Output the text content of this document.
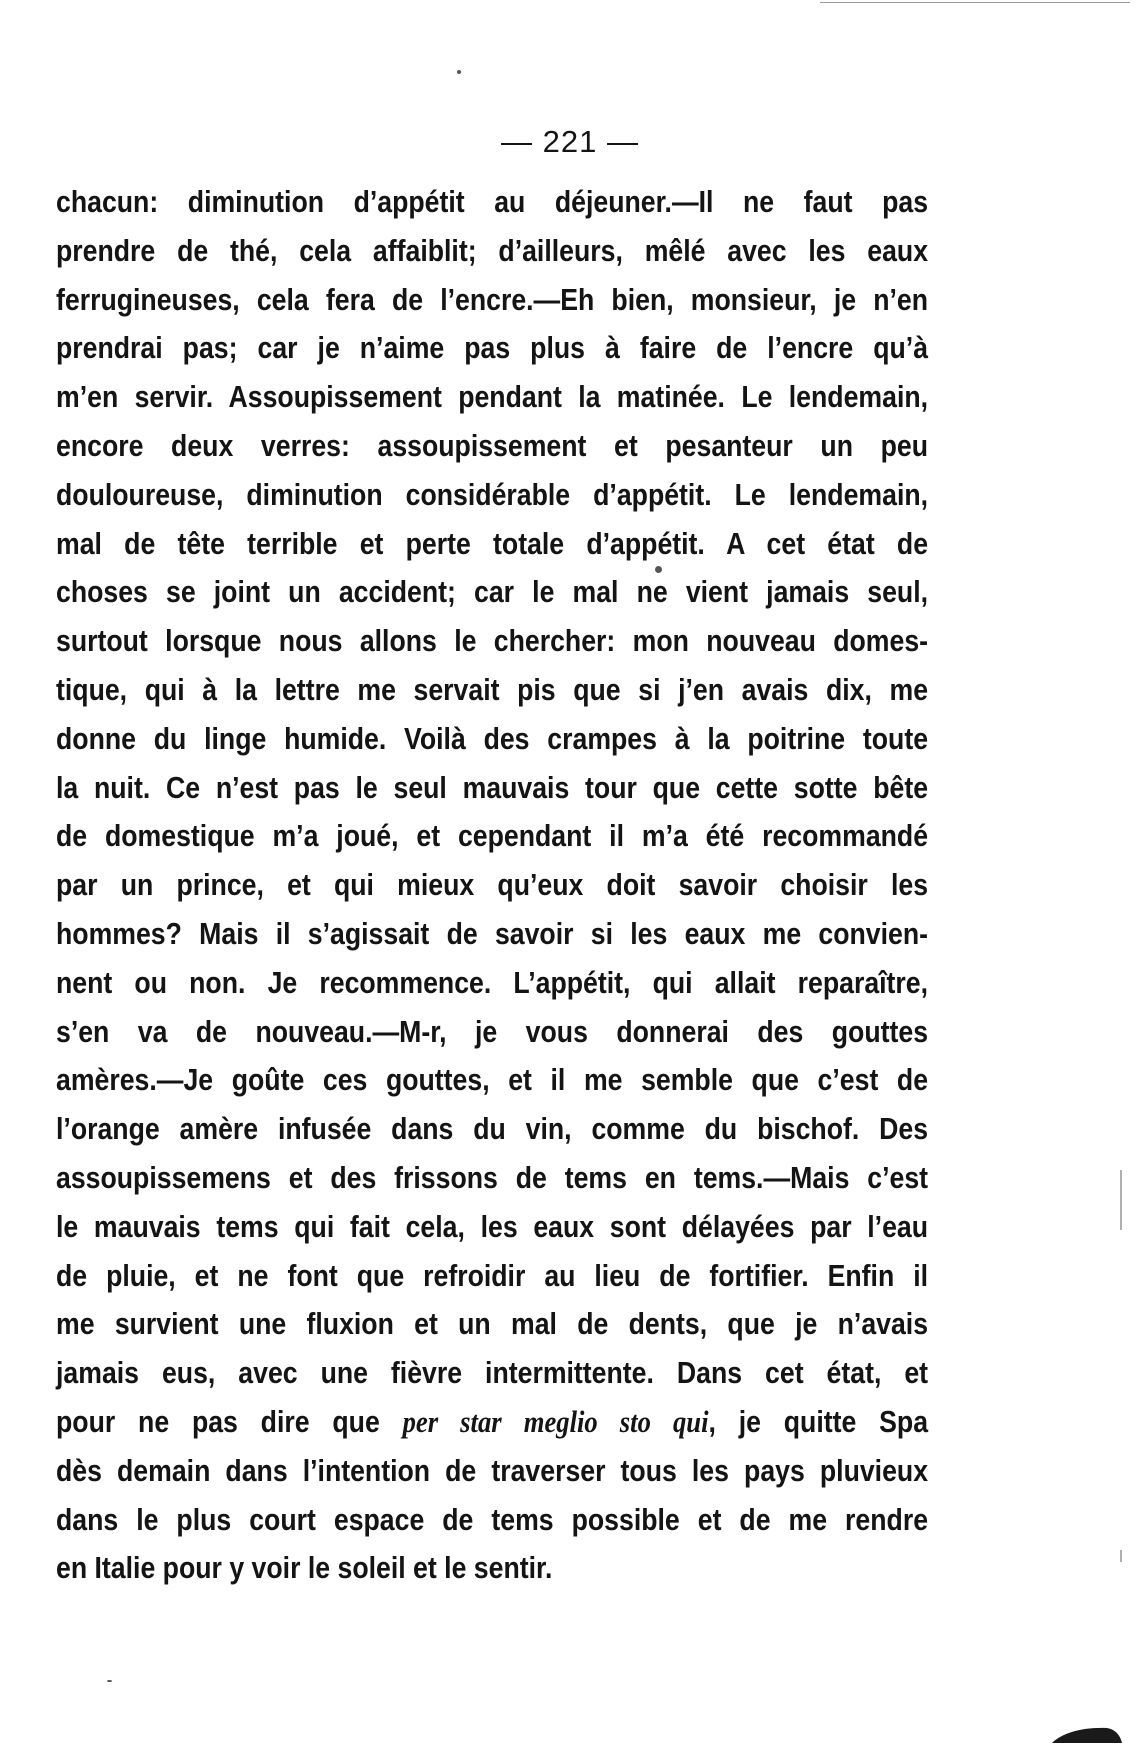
— 221 —
chacun: diminution d’appétit au déjeuner.—Il ne faut pas
prendre de thé, cela affaiblit; d’ailleurs, mêlé avec les eaux
ferrugineuses, cela fera de l’encre.—Eh bien, monsieur, je n’en
prendrai pas; car je n’aime pas plus à faire de l’encre qu’à
m’en servir. Assoupissement pendant la matinée. Le lendemain,
encore deux verres: assoupissement et pesanteur un peu
douloureuse, diminution considérable d’appétit. Le lendemain,
mal de tête terrible et perte totale d’appétit. A cet état de
choses se joint un accident; car le mal ne vient jamais seul,
surtout lorsque nous allons le chercher: mon nouveau domes-
tique, qui à la lettre me servait pis que si j’en avais dix, me
donne du linge humide. Voilà des crampes à la poitrine toute
la nuit. Ce n’est pas le seul mauvais tour que cette sotte bête
de domestique m’a joué, et cependant il m’a été recommandé
par un prince, et qui mieux qu’eux doit savoir choisir les
hommes? Mais il s’agissait de savoir si les eaux me convien-
nent ou non. Je recommence. L’appétit, qui allait reparaître,
s’en va de nouveau.—M-r, je vous donnerai des gouttes
amères.—Je goûte ces gouttes, et il me semble que c’est de
l’orange amère infusée dans du vin, comme du bischof. Des
assoupissemens et des frissons de tems en tems.—Mais c’est
le mauvais tems qui fait cela, les eaux sont délayées par l’eau
de pluie, et ne font que refroidir au lieu de fortifier. Enfin il
me survient une fluxion et un mal de dents, que je n’avais
jamais eus, avec une fièvre intermittente. Dans cet état, et
pour ne pas dire que per star meglio sto qui, je quitte Spa
dès demain dans l’intention de traverser tous les pays pluvieux
dans le plus court espace de tems possible et de me rendre
en Italie pour y voir le soleil et le sentir.
